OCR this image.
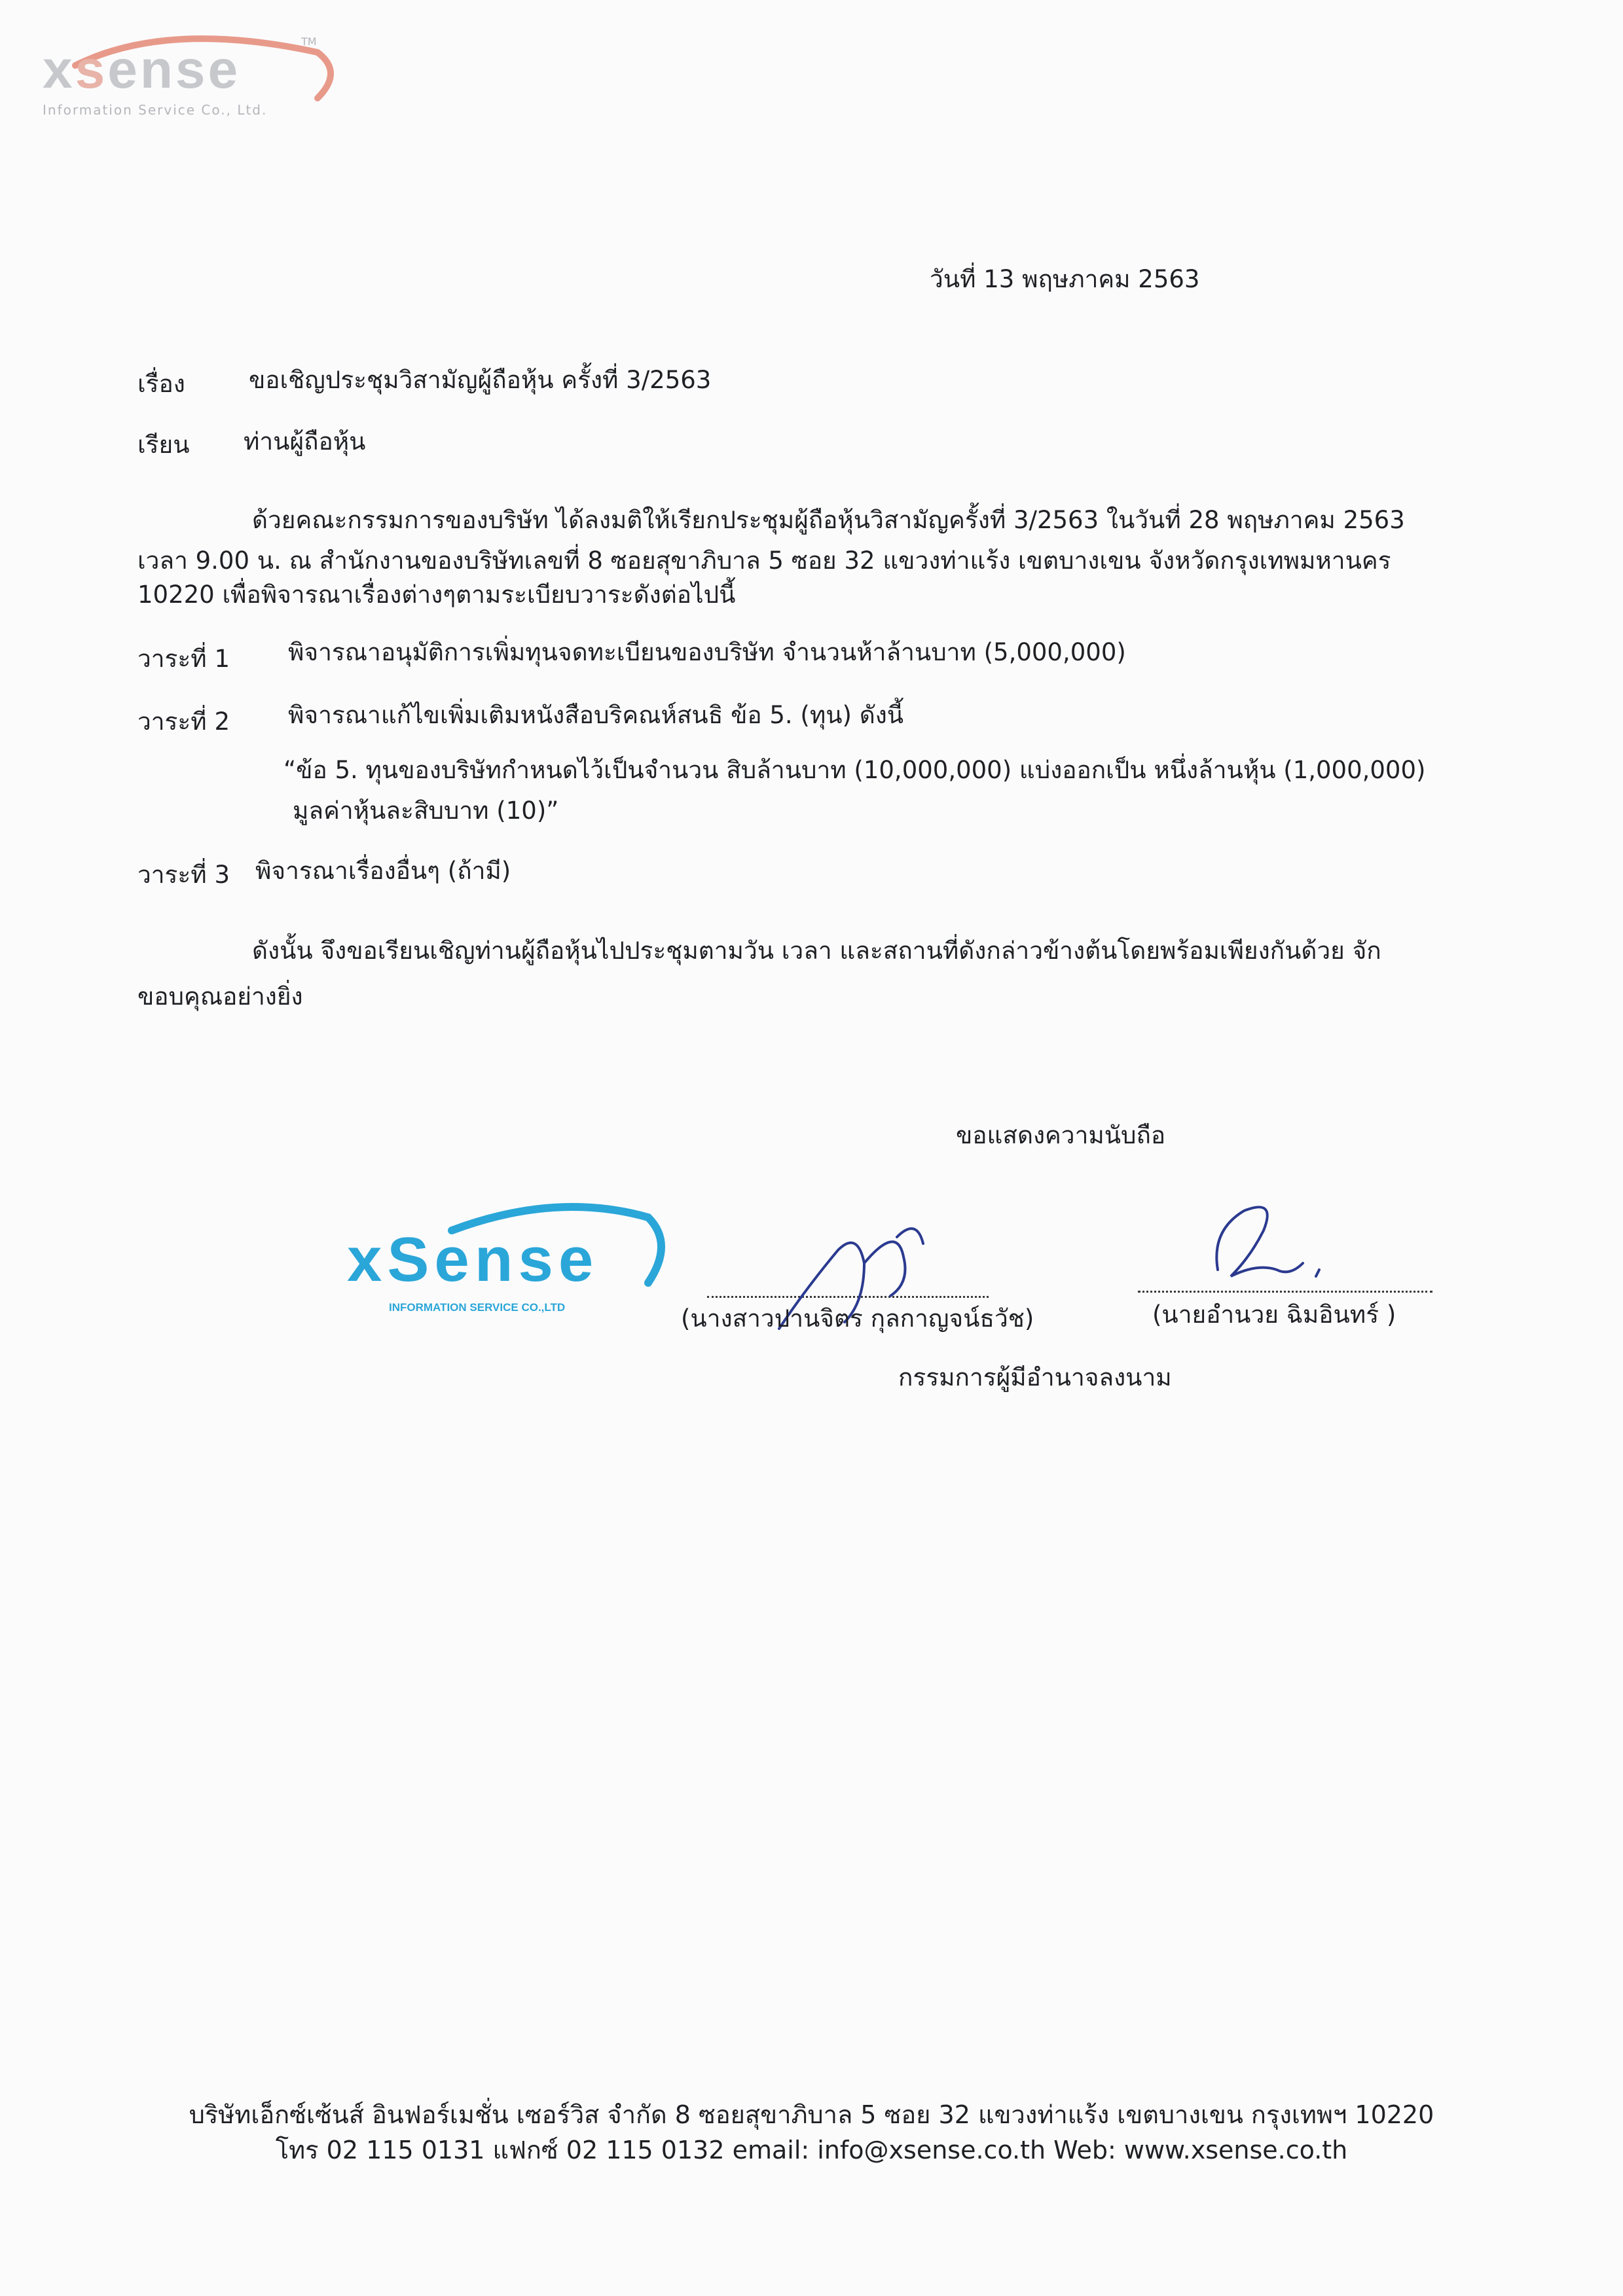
xsense	TM
Information Service Co., Ltd.
วันที่ 13 พฤษภาคม 2563
เรื่อง	ขอเชิญประชุมวิสามัญผู้ถือหุ้น ครั้งที่ 3/2563
เรียน ท่านผู้ถือหุ้น
ด้วยคณะกรรมการของบริษัท ได้ลงมติให้เรียกประชุมผู้ถือหุ้นวิสามัญครั้งที่ 3/2563 ในวันที่ 28 พฤษภาคม 2563
เวลา 9.00 น. ณ สำนักงานของบริษัทเลขที่ 8 ซอยสุขาภิบาล 5 ซอย 32 แขวงท่าแร้ง เขตบางเขน จังหวัดกรุงเทพมหานคร
10220 เพื่อพิจารณาเรื่องต่างๆตามระเบียบวาระดังต่อไปนี้
วาระที่ 1 พิจารณาอนุมัติการเพิ่มทุนจดทะเบียนของบริษัท จำนวนห้าล้านบาท (5,000,000)
วาระที่ 2 พิจารณาแก้ไขเพิ่มเติมหนังสือบริคณห์สนธิ ข้อ 5. (ทุน) ดังนี้
“ข้อ 5. ทุนของบริษัทกำหนดไว้เป็นจำนวน สิบล้านบาท (10,000,000) แบ่งออกเป็น หนึ่งล้านหุ้น (1,000,000)
มูลค่าหุ้นละสิบบาท (10)”
วาระที่ 3 พิจารณาเรื่องอื่นๆ (ถ้ามี)
ดังนั้น จึงขอเรียนเชิญท่านผู้ถือหุ้นไปประชุมตามวัน เวลา และสถานที่ดังกล่าวข้างต้นโดยพร้อมเพียงกันด้วย จัก
ขอบคุณอย่างยิ่ง
ขอแสดงความนับถือ
xSense
INFORMATION SERVICE CO.,LTD	(นางสาวปานจิตร กุลกาญจน์ธวัช)	(นายอำนวย ฉิมอินทร์ )
กรรมการผู้มีอำนาจลงนาม
บริษัทเอ็กซ์เซ้นส์ อินฟอร์เมชั่น เซอร์วิส จำกัด 8 ซอยสุขาภิบาล 5 ซอย 32 แขวงท่าแร้ง เขตบางเขน กรุงเทพฯ 10220
โทร 02 115 0131 แฟกซ์ 02 115 0132 email: info@xsense.co.th Web: www.xsense.co.th
